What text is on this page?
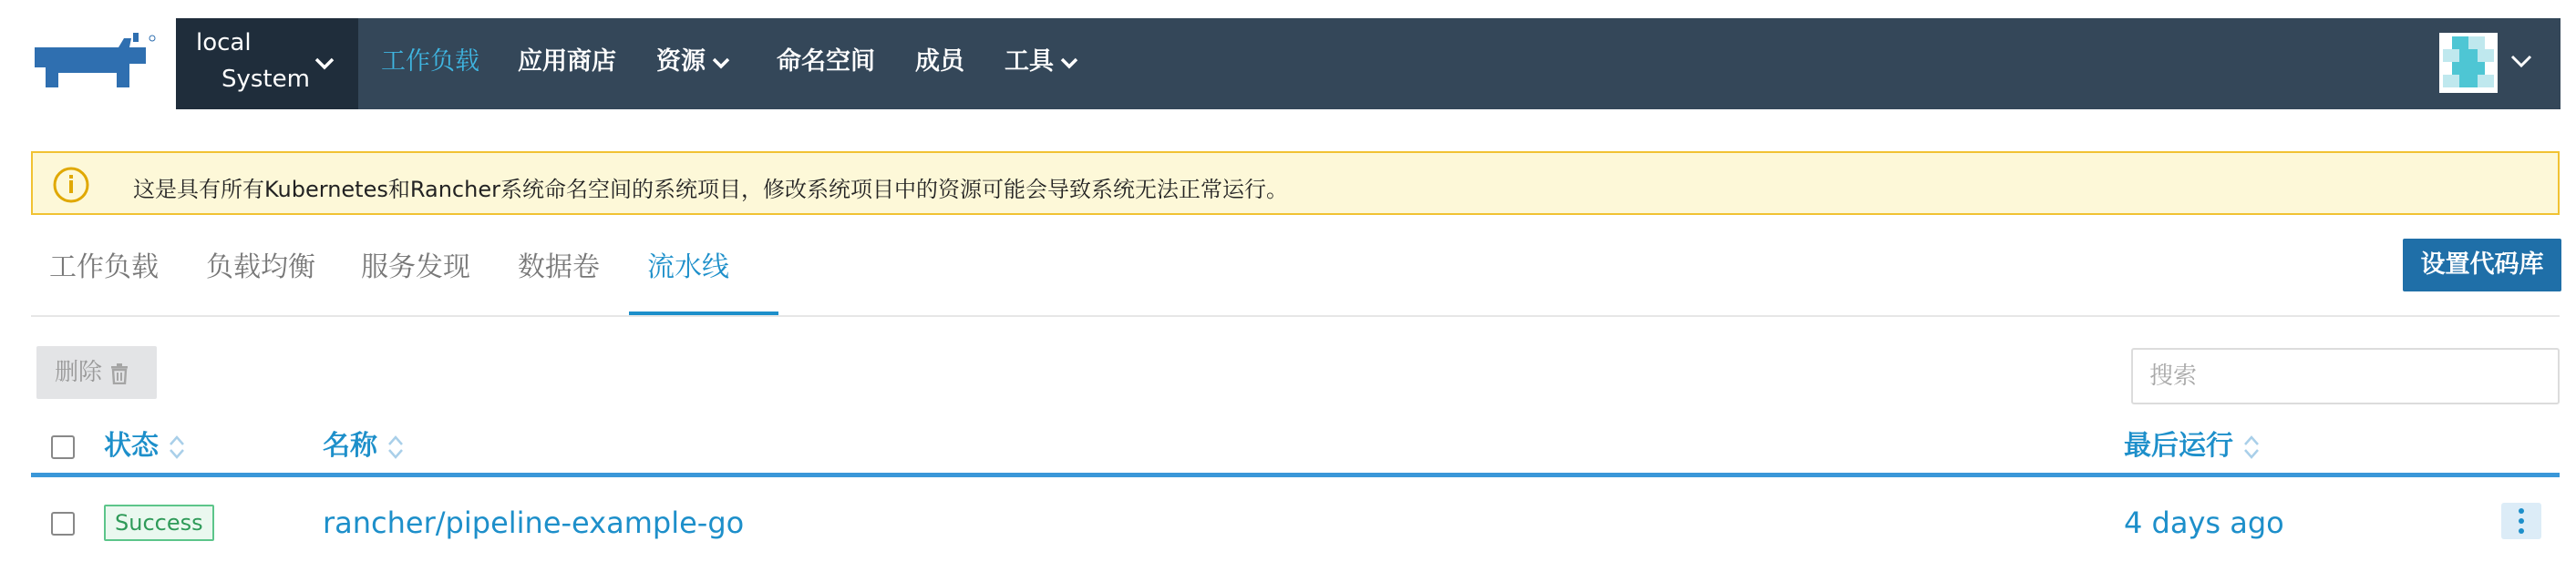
local
System
工作负载 应用商店 资源	命名空间 成员 工具
这是具有所有Kubernetes和Rancher系统命名空间的系统项目，修改系统项目中的资源可能会导致系统无法正常运行。
工作负载 负载均衡 服务发现 数据卷 流水线	设置代码库
删除
搜索
状态	名称	最后运行
Success	rancher/pipeline-example-go	4 days ago
